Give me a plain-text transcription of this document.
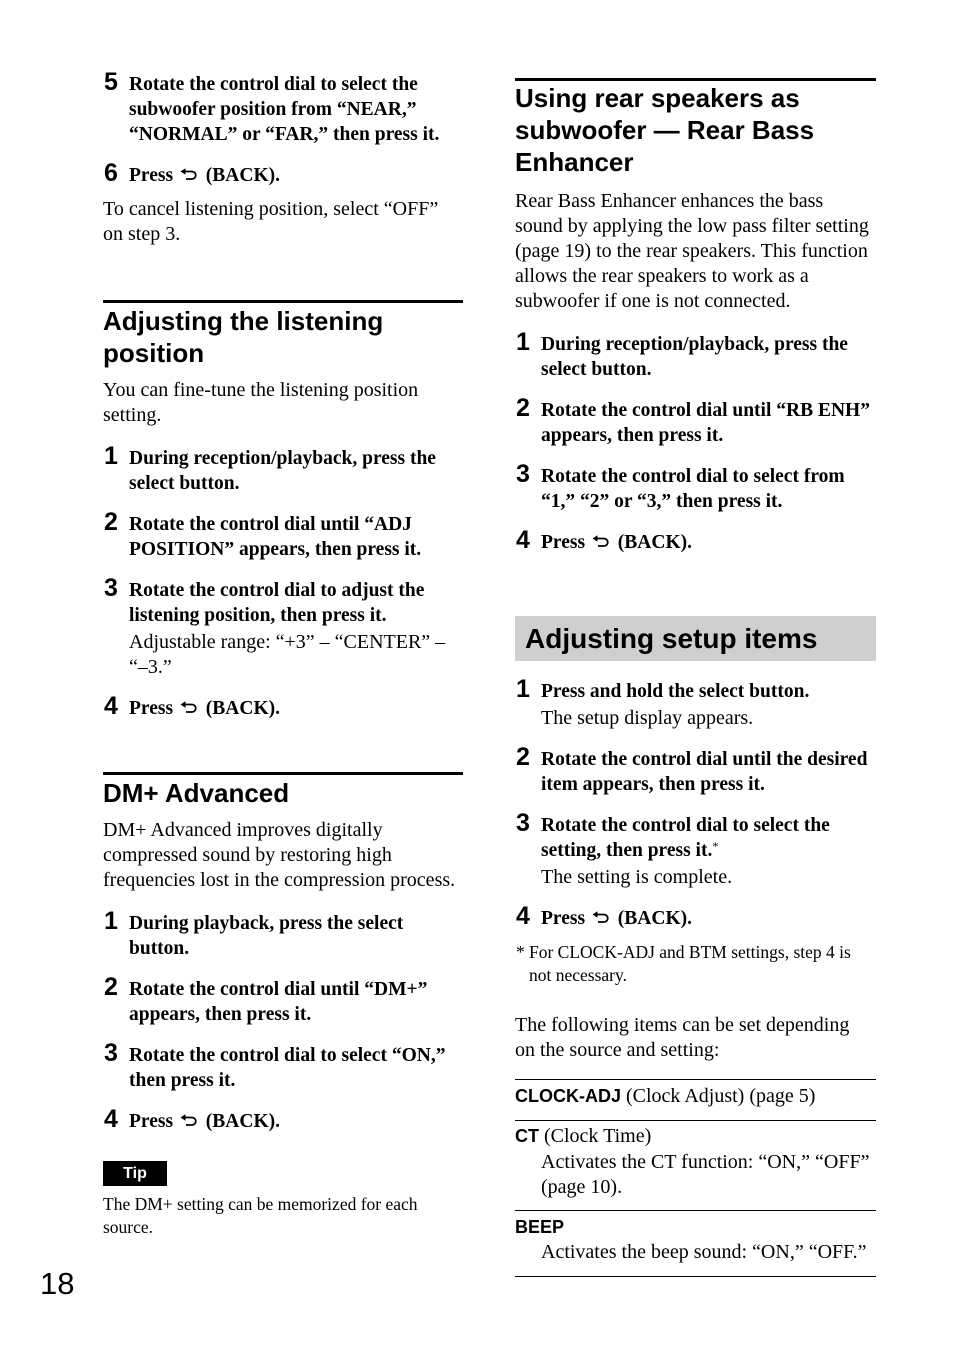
5 Rotate the control dial to select the
subwoofer position from “NEAR,”
“NORMAL” or “FAR,” then press it.
6 Press (BACK).
To cancel listening position, select “OFF”
on step 3.
Adjusting the listening
position
You can fine-tune the listening position
setting.
1 During reception/playback, press the
select button.
2 Rotate the control dial until “ADJ
POSITION” appears, then press it.
3 Rotate the control dial to adjust the
listening position, then press it.
Adjustable range: “+3” – “CENTER” –
“–3.”
4 Press (BACK).
DM+ Advanced
DM+ Advanced improves digitally
compressed sound by restoring high
frequencies lost in the compression process.
1 During playback, press the select
button.
2 Rotate the control dial until “DM+”
appears, then press it.
3 Rotate the control dial to select “ON,”
then press it.
4 Press (BACK).
Tip
The DM+ setting can be memorized for each
source.
18
Using rear speakers as
subwoofer — Rear Bass
Enhancer
Rear Bass Enhancer enhances the bass
sound by applying the low pass filter setting
(page 19) to the rear speakers. This function
allows the rear speakers to work as a
subwoofer if one is not connected.
1 During reception/playback, press the
select button.
2 Rotate the control dial until “RB ENH”
appears, then press it.
3 Rotate the control dial to select from
“1,” “2” or “3,” then press it.
4 Press (BACK).
Adjusting setup items
1 Press and hold the select button.
The setup display appears.
2 Rotate the control dial until the desired
item appears, then press it.
3 Rotate the control dial to select the
setting, then press it.*
The setting is complete.
4 Press (BACK).
* For CLOCK-ADJ and BTM settings, step 4 is
not necessary.
The following items can be set depending
on the source and setting:
CLOCK-ADJ (Clock Adjust) (page 5)
CT (Clock Time)
Activates the CT function: “ON,” “OFF”
(page 10).
BEEP
Activates the beep sound: “ON,” “OFF.”
